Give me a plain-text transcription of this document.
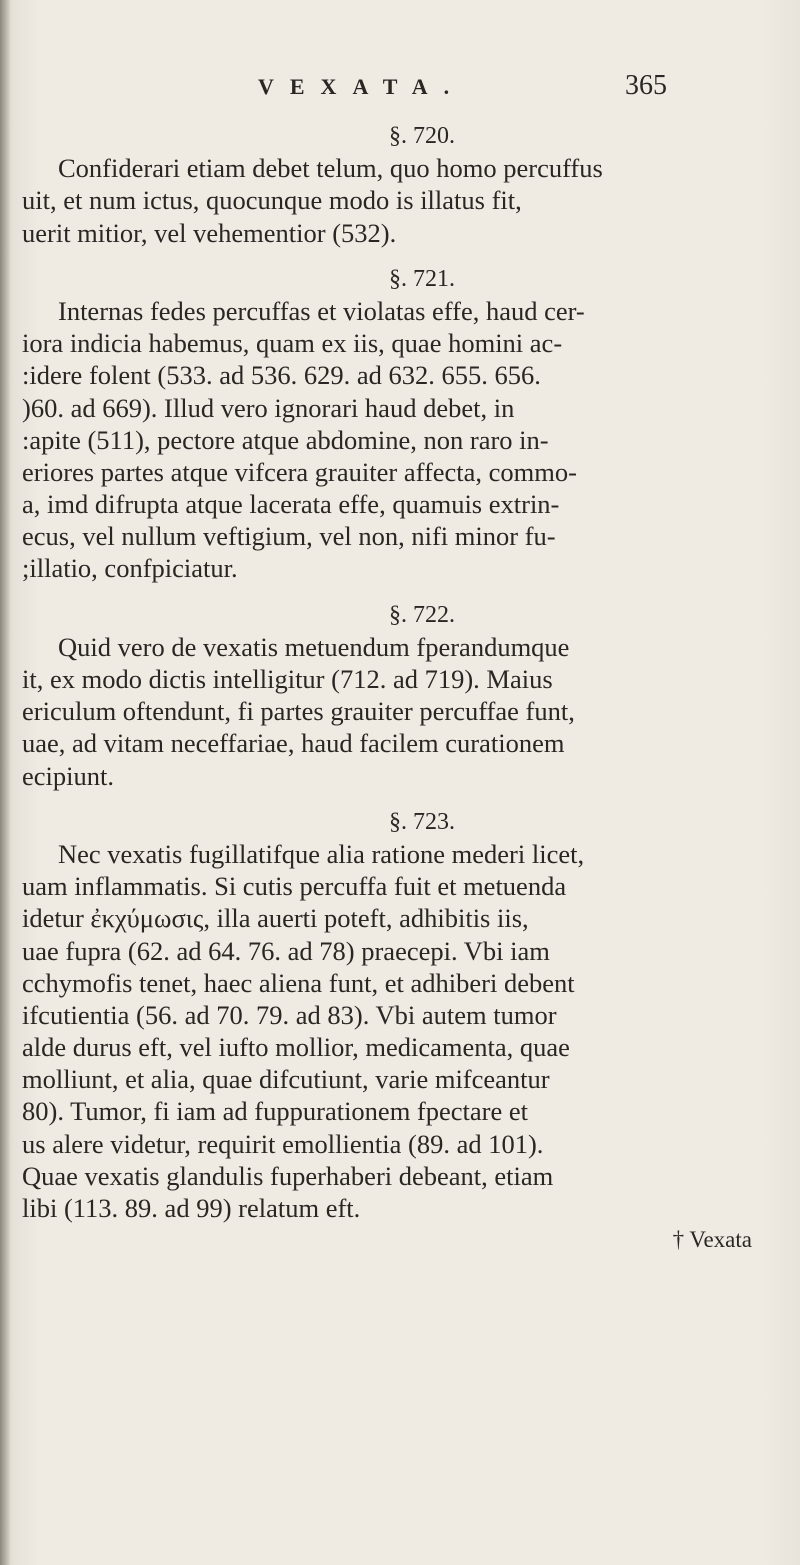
VEXATA.	365
§. 720.
Confiderari etiam debet telum, quo homo percuffus
uit, et num ictus, quocunque modo is illatus fit,
uerit mitior, vel vehementior (532).
§. 721.
Internas fedes percuffas et violatas effe, haud cer-
iora indicia habemus, quam ex iis, quae homini ac-
:idere folent (533. ad 536. 629. ad 632. 655. 656.
)60. ad 669). Illud vero ignorari haud debet, in
:apite (511), pectore atque abdomine, non raro in-
eriores partes atque vifcera grauiter affecta, commo-
a, imd difrupta atque lacerata effe, quamuis extrin-
ecus, vel nullum veftigium, vel non, nifi minor fu-
;illatio, confpiciatur.
§. 722.
Quid vero de vexatis metuendum fperandumque
it, ex modo dictis intelligitur (712. ad 719). Maius
ericulum oftendunt, fi partes grauiter percuffae funt,
uae, ad vitam neceffariae, haud facilem curationem
ecipiunt.
§. 723.
Nec vexatis fugillatifque alia ratione mederi licet,
uam inflammatis. Si cutis percuffa fuit et metuenda
idetur ἐκχύμωσις, illa auerti poteft, adhibitis iis,
uae fupra (62. ad 64. 76. ad 78) praecepi. Vbi iam
cchymofis tenet, haec aliena funt, et adhiberi debent
ifcutientia (56. ad 70. 79. ad 83). Vbi autem tumor
alde durus eft, vel iufto mollior, medicamenta, quae
molliunt, et alia, quae difcutiunt, varie mifceantur
80). Tumor, fi iam ad fuppurationem fpectare et
us alere videtur, requirit emollientia (89. ad 101).
Quae vexatis glandulis fuperhaberi debeant, etiam
libi (113. 89. ad 99) relatum eft.
† Vexata
